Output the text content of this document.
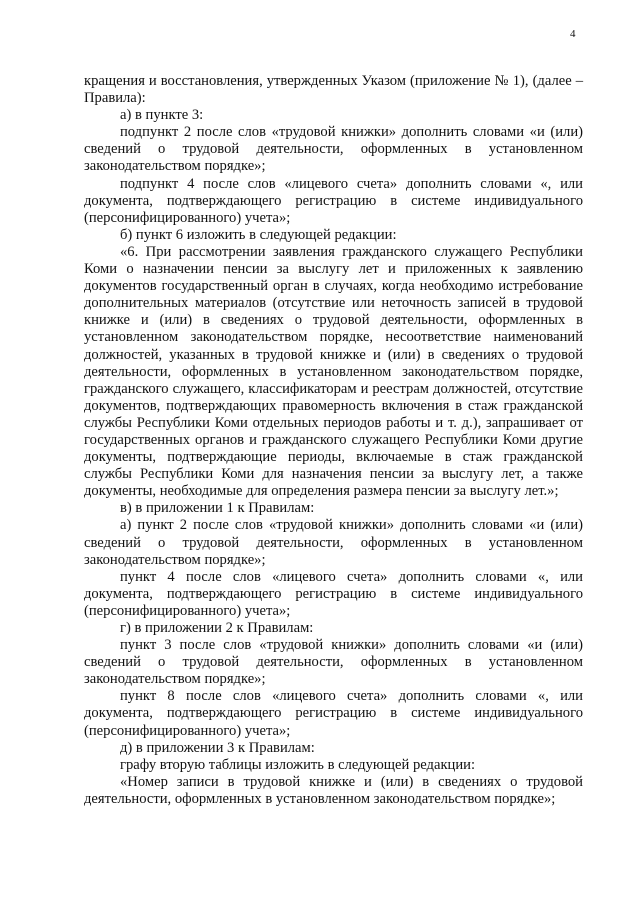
4

кращения и восстановления, утвержденных Указом (приложение № 1), (далее – Правила):

а) в пункте 3:

подпункт 2 после слов «трудовой книжки» дополнить словами «и (или) сведений о трудовой деятельности, оформленных в установленном законодательством порядке»;

подпункт 4 после слов «лицевого счета» дополнить словами «, или документа, подтверждающего регистрацию в системе индивидуального (персонифицированного) учета»;

б) пункт 6 изложить в следующей редакции:

«6. При рассмотрении заявления гражданского служащего Республики Коми о назначении пенсии за выслугу лет и приложенных к заявлению документов государственный орган в случаях, когда необходимо истребование дополнительных материалов (отсутствие или неточность записей в трудовой книжке и (или) в сведениях о трудовой деятельности, оформленных в установленном законодательством порядке, несоответствие наименований должностей, указанных в трудовой книжке и (или) в сведениях о трудовой деятельности, оформленных в установленном законодательством порядке, гражданского служащего, классификаторам и реестрам должностей, отсутствие документов, подтверждающих правомерность включения в стаж гражданской службы Республики Коми отдельных периодов работы и т. д.), запрашивает от государственных органов и гражданского служащего Республики Коми другие документы, подтверждающие периоды, включаемые в стаж гражданской службы Республики Коми для назначения пенсии за выслугу лет, а также документы, необходимые для определения размера пенсии за выслугу лет.»;

в) в приложении 1 к Правилам:

а) пункт 2 после слов «трудовой книжки» дополнить словами «и (или) сведений о трудовой деятельности, оформленных в установленном законодательством порядке»;

пункт 4 после слов «лицевого счета» дополнить словами «, или документа, подтверждающего регистрацию в системе индивидуального (персонифицированного) учета»;

г) в приложении 2 к Правилам:

пункт 3 после слов «трудовой книжки» дополнить словами «и (или) сведений о трудовой деятельности, оформленных в установленном законодательством порядке»;

пункт 8 после слов «лицевого счета» дополнить словами «, или документа, подтверждающего регистрацию в системе индивидуального (персонифицированного) учета»;

д) в приложении 3 к Правилам:

графу вторую таблицы изложить в следующей редакции:

«Номер записи в трудовой книжке и (или) в сведениях о трудовой деятельности, оформленных в установленном законодательством порядке»;
